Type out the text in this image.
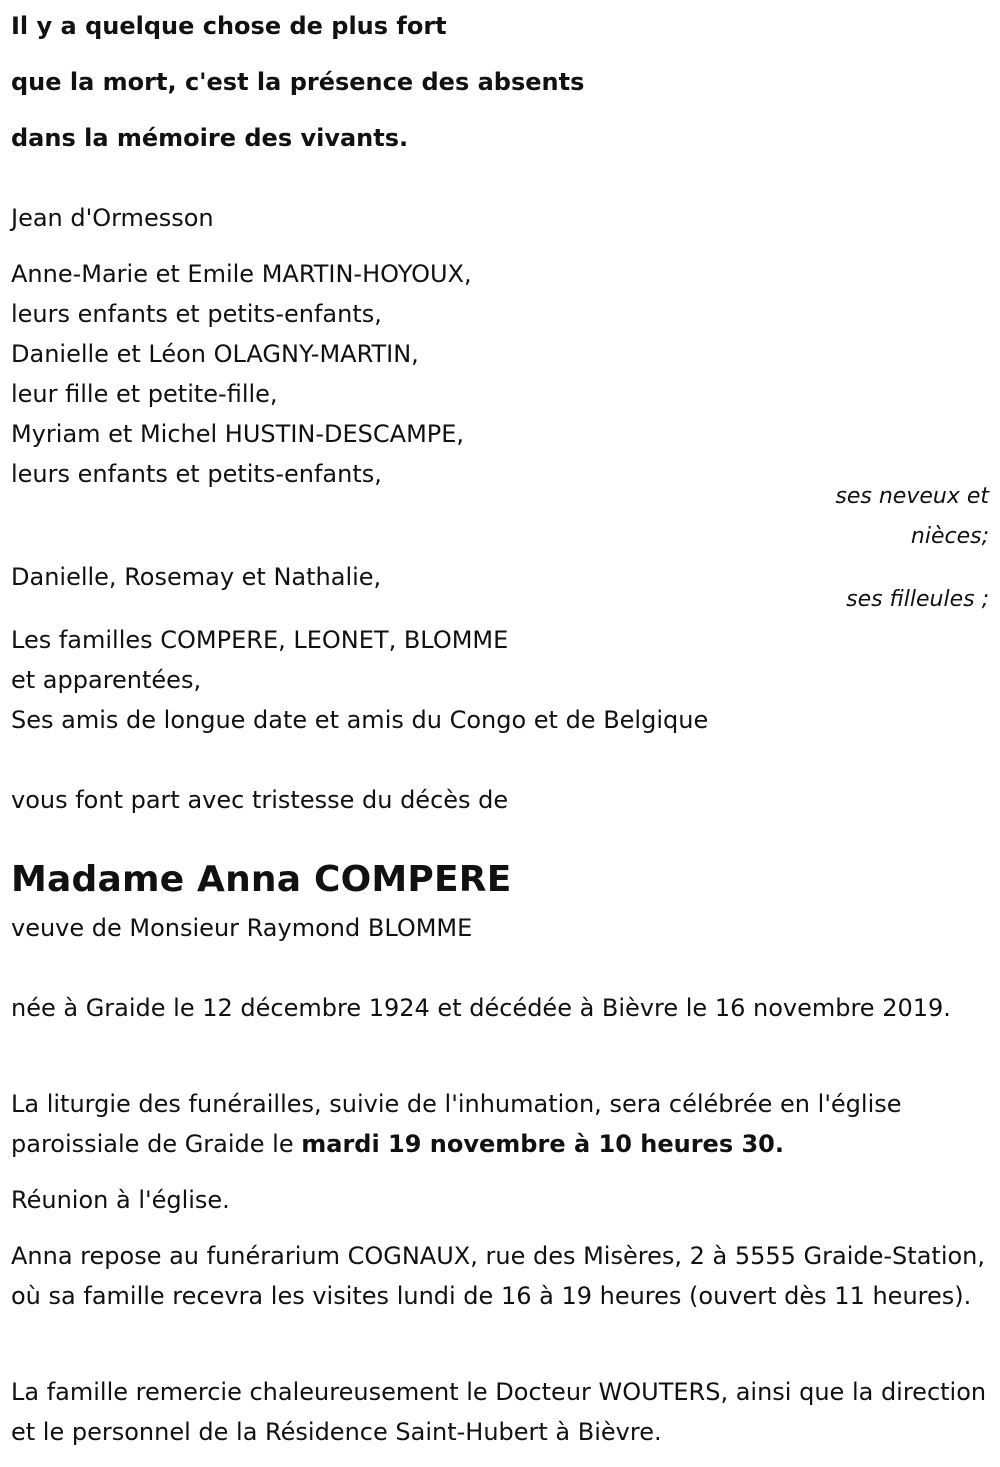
Il y a quelque chose de plus fort
que la mort, c'est la présence des absents
dans la mémoire des vivants.
Jean d'Ormesson

Anne-Marie et Emile MARTIN-HOYOUX,

leurs enfants et petits-enfants,

Danielle et Léon OLAGNY-MARTIN,

leur fille et petite-fille,

Myriam et Michel HUSTIN-DESCAMPE,

leurs enfants et petits-enfants,

ses neveux et
nièces;
Danielle, Rosemay et Nathalie,
ses filleules ;

Les familles COMPERE, LEONET, BLOMME

et apparentées,

Ses amis de longue date et amis du Congo et de Belgique

vous font part avec tristesse du décès de
Madame Anna COMPERE
veuve de Monsieur Raymond BLOMME

née à Graide le 12 décembre 1924 et décédée à Bièvre le 16 novembre 2019.

La liturgie des funérailles, suivie de l'inhumation, sera célébrée en l'église paroissiale de Graide le mardi 19 novembre à 10 heures 30.

Réunion à l'église.

Anna repose au funérarium COGNAUX, rue des Misères, 2 à 5555 Graide-Station, où sa famille recevra les visites lundi de 16 à 19 heures (ouvert dès 11 heures).

La famille remercie chaleureusement le Docteur WOUTERS, ainsi que la direction et le personnel de la Résidence Saint-Hubert à Bièvre.
